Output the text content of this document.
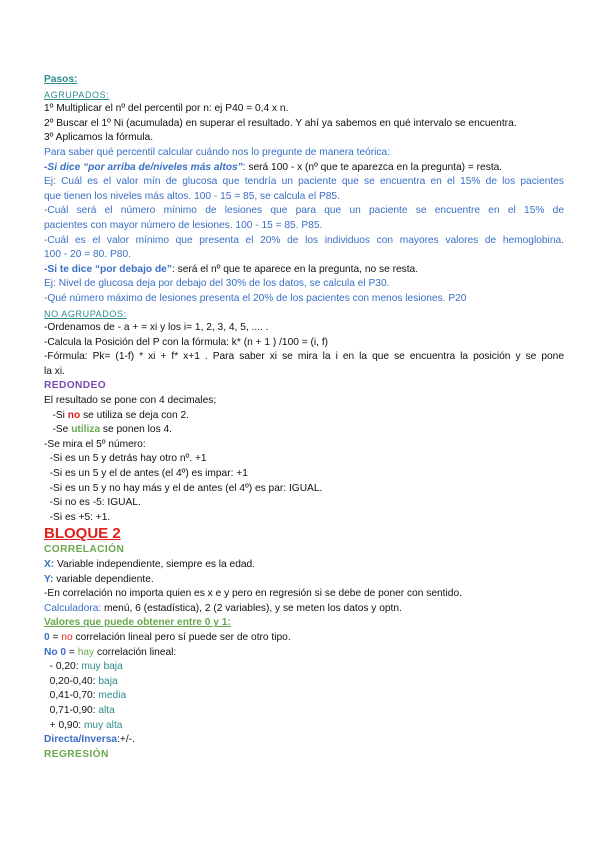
Pasos:
AGRUPADOS:
1º Multiplicar el nº del percentil por n: ej P40 = 0,4 x n.
2º Buscar el 1º Ni (acumulada) en superar el resultado. Y ahí ya sabemos en qué intervalo se encuentra.
3º Aplicamos la fórmula.
Para saber qué percentil calcular cuándo nos lo pregunte de manera teórica:
-Si dice “por arriba de/niveles más altos”: será 100 - x (nº que te aparezca en la pregunta) = resta.
Ej: Cuál es el valor mín de glucosa que tendría un paciente que se encuentra en el 15% de los pacientes
que tienen los niveles más altos. 100 - 15 = 85, se calcula el P85.
-Cuál será el número mínimo de lesiones que para que un paciente se encuentre en el 15% de
pacientes con mayor número de lesiones. 100 - 15 = 85. P85.
-Cuál es el valor mínimo que presenta el 20% de los individuos con mayores valores de hemoglobina.
100 - 20 = 80. P80.
-Si te dice “por debajo de”: será el nº que te aparece en la pregunta, no se resta.
Ej: Nivel de glucosa deja por debajo del 30% de los datos, se calcula el P30.
-Qué número máximo de lesiones presenta el 20% de los pacientes con menos lesiones. P20
NO AGRUPADOS:
-Ordenamos de - a + = xi y los i= 1, 2, 3, 4, 5, .... .
-Calcula la Posición del P con la fórmula: k* (n + 1 ) /100 = (i, f)
-Fórmula: Pk= (1-f) * xi + f* x+1 . Para saber xi se mira la i en la que se encuentra la posición y se pone
la xi.
REDONDEO
El resultado se pone con 4 decimales;
-Si no se utiliza se deja con 2.
-Se utiliza se ponen los 4.
-Se mira el 5º número:
-Si es un 5 y detrás hay otro nº. +1
-Si es un 5 y el de antes (el 4º) es impar: +1
-Si es un 5 y no hay más y el de antes (el 4º) es par: IGUAL.
-Si no es -5: IGUAL.
-Si es +5: +1.
BLOQUE 2
CORRELACIÓN
X: Variable independiente, siempre es la edad.
Y: variable dependiente.
-En correlación no importa quien es x e y pero en regresión si se debe de poner con sentido.
Calculadora: menú, 6 (estadística), 2 (2 variables), y se meten los datos y optn.
Valores que puede obtener entre 0 y 1:
0 = no correlación lineal pero sí puede ser de otro tipo.
No 0 = hay correlación lineal:
- 0,20: muy baja
0,20-0,40: baja
0,41-0,70: media
0,71-0,90: alta
+ 0,90: muy alta
Directa/Inversa:+/-.
REGRESIÓN
